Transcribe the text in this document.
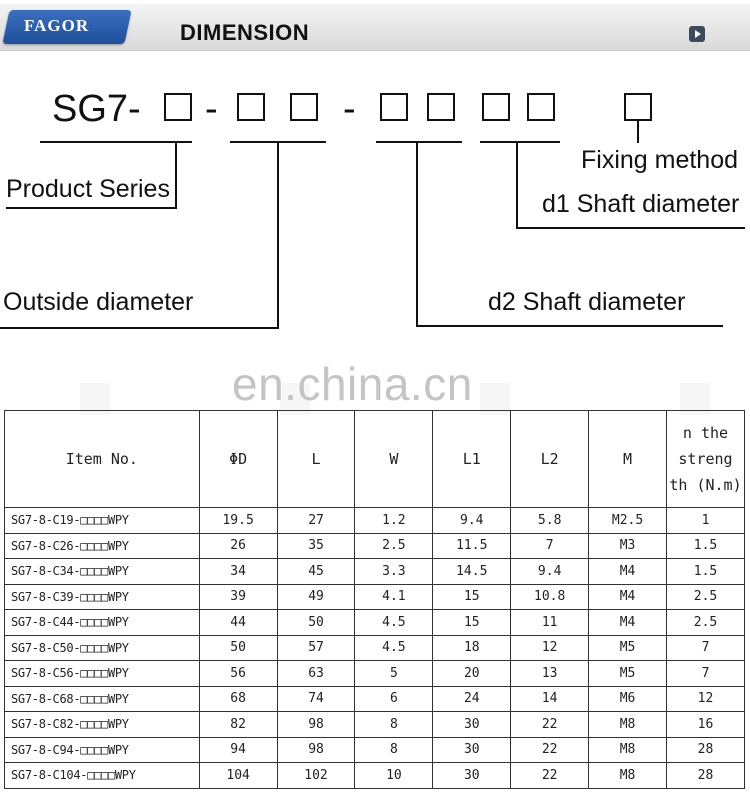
FAGOR	DIMENSION
SG7- -	-
Product Series
Outside diameter	d2 Shaft diameter
d1 Shaft diameter
Fixing method
en.china.cn
Item No.	ΦD	L	W	L1	L2	M	n the streng th (N.m)
SG7-8-C19-□□□□WPY	19.5	27	1.2	9.4	5.8	M2.5	1
SG7-8-C26-□□□□WPY	26	35	2.5	11.5	7	M3	1.5
SG7-8-C34-□□□□WPY	34	45	3.3	14.5	9.4	M4	1.5
SG7-8-C39-□□□□WPY	39	49	4.1	15	10.8	M4	2.5
SG7-8-C44-□□□□WPY	44	50	4.5	15	11	M4	2.5
SG7-8-C50-□□□□WPY	50	57	4.5	18	12	M5	7
SG7-8-C56-□□□□WPY	56	63	5	20	13	M5	7
SG7-8-C68-□□□□WPY	68	74	6	24	14	M6	12
SG7-8-C82-□□□□WPY	82	98	8	30	22	M8	16
SG7-8-C94-□□□□WPY	94	98	8	30	22	M8	28
SG7-8-C104-□□□□WPY	104	102	10	30	22	M8	28
